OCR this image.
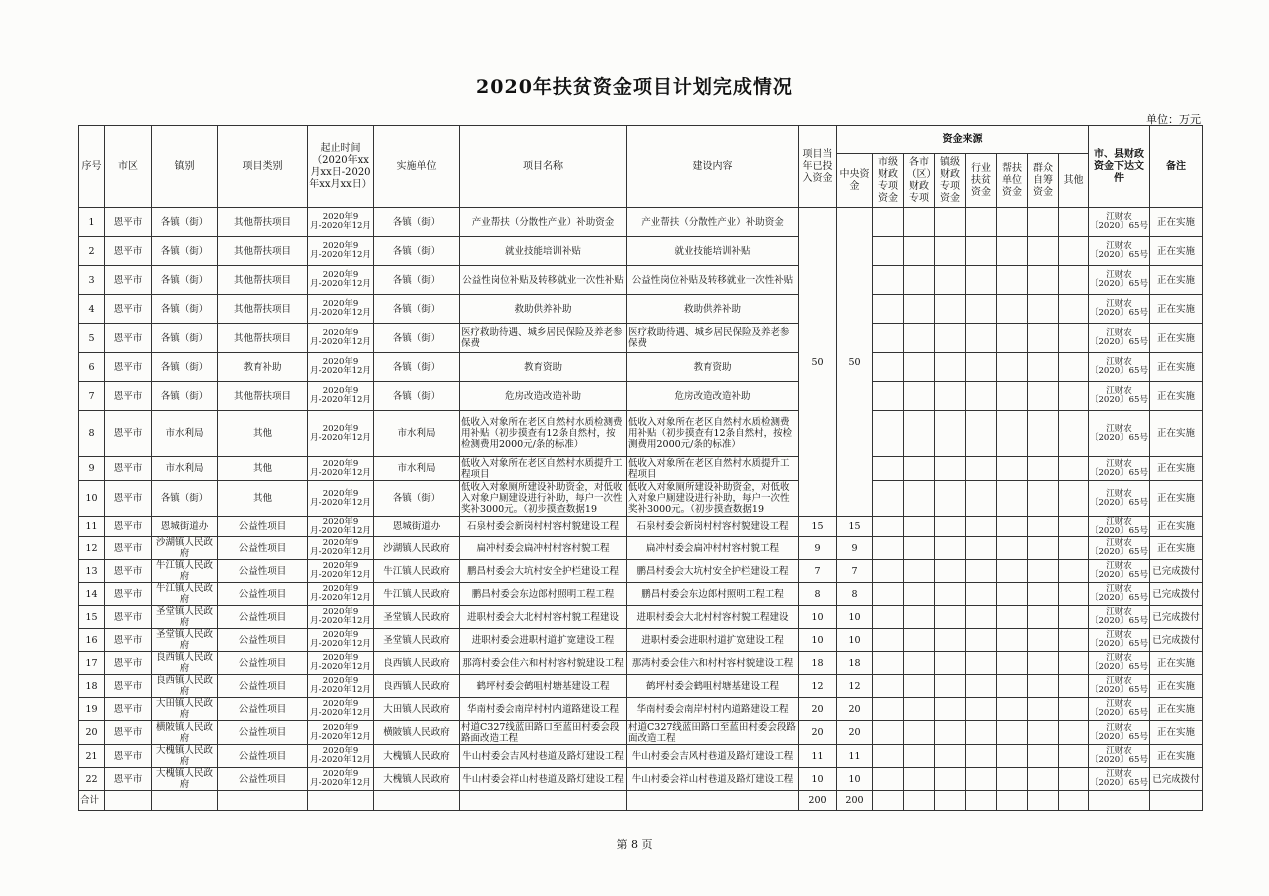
2020年扶贫资金项目计划完成情况
单位：万元
序号	市区	镇别	项目类别	起止时间（2020年xx月xx日-2020年xx月xx日）	实施单位	项目名称	建设内容	项目当年已投入资金	资金来源								市、县财政资金下达文件	备注
									中央资金	市级财政专项资金	各市（区）财政专项	镇级财政专项资金	行业扶贫资金	帮扶单位资金	群众自筹资金	其他		
1	恩平市	各镇（街）	其他帮扶项目	2020年9月-2020年12月	各镇（街）	产业帮扶（分散性产业）补助资金	产业帮扶（分散性产业）补助资金	50	50								江财农〔2020〕65号	正在实施
2	恩平市	各镇（街）	其他帮扶项目	2020年9月-2020年12月	各镇（街）	就业技能培训补贴	就业技能培训补贴										江财农〔2020〕65号	正在实施
3	恩平市	各镇（街）	其他帮扶项目	2020年9月-2020年12月	各镇（街）	公益性岗位补贴及转移就业一次性补贴	公益性岗位补贴及转移就业一次性补贴										江财农〔2020〕65号	正在实施
4	恩平市	各镇（街）	其他帮扶项目	2020年9月-2020年12月	各镇（街）	救助供养补助	救助供养补助										江财农〔2020〕65号	正在实施
5	恩平市	各镇（街）	其他帮扶项目	2020年9月-2020年12月	各镇（街）	医疗救助待遇、城乡居民保险及养老参保费	医疗救助待遇、城乡居民保险及养老参保费										江财农〔2020〕65号	正在实施
6	恩平市	各镇（街）	教育补助	2020年9月-2020年12月	各镇（街）	教育资助	教育资助										江财农〔2020〕65号	正在实施
7	恩平市	各镇（街）	其他帮扶项目	2020年9月-2020年12月	各镇（街）	危房改造改造补助	危房改造改造补助										江财农〔2020〕65号	正在实施
8	恩平市	市水利局	其他	2020年9月-2020年12月	市水利局	低收入对象所在老区自然村水质检测费用补贴（初步摸查有12条自然村，按检测费用2000元/条的标准）	低收入对象所在老区自然村水质检测费用补贴（初步摸查有12条自然村，按检测费用2000元/条的标准）										江财农〔2020〕65号	正在实施
9	恩平市	市水利局	其他	2020年9月-2020年12月	市水利局	低收入对象所在老区自然村水质提升工程项目	低收入对象所在老区自然村水质提升工程项目										江财农〔2020〕65号	正在实施
10	恩平市	各镇（街）	其他	2020年9月-2020年12月	各镇（街）	低收入对象厕所建设补助资金，对低收入对象户厕建设进行补助，每户一次性奖补3000元。（初步摸查数据19	低收入对象厕所建设补助资金，对低收入对象户厕建设进行补助，每户一次性奖补3000元。（初步摸查数据19										江财农〔2020〕65号	正在实施
11	恩平市	恩城街道办	公益性项目	2020年9月-2020年12月	恩城街道办	石泉村委会新岗村村容村貌建设工程	石泉村委会新岗村村容村貌建设工程	15	15								江财农〔2020〕65号	正在实施
12	恩平市	沙湖镇人民政府	公益性项目	2020年9月-2020年12月	沙湖镇人民政府	扁冲村委会扁冲村村容村貌工程	扁冲村委会扁冲村村容村貌工程	9	9								江财农〔2020〕65号	正在实施
13	恩平市	牛江镇人民政府	公益性项目	2020年9月-2020年12月	牛江镇人民政府	鹏昌村委会大坑村安全护栏建设工程	鹏昌村委会大坑村安全护栏建设工程	7	7								江财农〔2020〕65号	已完成拨付
14	恩平市	牛江镇人民政府	公益性项目	2020年9月-2020年12月	牛江镇人民政府	鹏昌村委会东边郎村照明工程工程	鹏昌村委会东边郎村照明工程工程	8	8								江财农〔2020〕65号	已完成拨付
15	恩平市	圣堂镇人民政府	公益性项目	2020年9月-2020年12月	圣堂镇人民政府	进职村委会大北村村容村貌工程建设	进职村委会大北村村容村貌工程建设	10	10								江财农〔2020〕65号	已完成拨付
16	恩平市	圣堂镇人民政府	公益性项目	2020年9月-2020年12月	圣堂镇人民政府	进职村委会进职村道扩宽建设工程	进职村委会进职村道扩宽建设工程	10	10								江财农〔2020〕65号	已完成拨付
17	恩平市	良西镇人民政府	公益性项目	2020年9月-2020年12月	良西镇人民政府	那湾村委会佳六和村村容村貌建设工程	那湾村委会佳六和村村容村貌建设工程	18	18								江财农〔2020〕65号	正在实施
18	恩平市	良西镇人民政府	公益性项目	2020年9月-2020年12月	良西镇人民政府	鹤坪村委会鹤咀村塘基建设工程	鹤坪村委会鹤咀村塘基建设工程	12	12								江财农〔2020〕65号	正在实施
19	恩平市	大田镇人民政府	公益性项目	2020年9月-2020年12月	大田镇人民政府	华南村委会南岸村村内道路建设工程	华南村委会南岸村村内道路建设工程	20	20								江财农〔2020〕65号	正在实施
20	恩平市	横陂镇人民政府	公益性项目	2020年9月-2020年12月	横陂镇人民政府	村道C327线蓝田路口至蓝田村委会段路面改造工程	村道C327线蓝田路口至蓝田村委会段路面改造工程	20	20								江财农〔2020〕65号	正在实施
21	恩平市	大槐镇人民政府	公益性项目	2020年9月-2020年12月	大槐镇人民政府	牛山村委会吉风村巷道及路灯建设工程	牛山村委会吉风村巷道及路灯建设工程	11	11								江财农〔2020〕65号	正在实施
22	恩平市	大槐镇人民政府	公益性项目	2020年9月-2020年12月	大槐镇人民政府	牛山村委会祥山村巷道及路灯建设工程	牛山村委会祥山村巷道及路灯建设工程	10	10								江财农〔2020〕65号	已完成拨付
合计								200	200									
第 8 页
